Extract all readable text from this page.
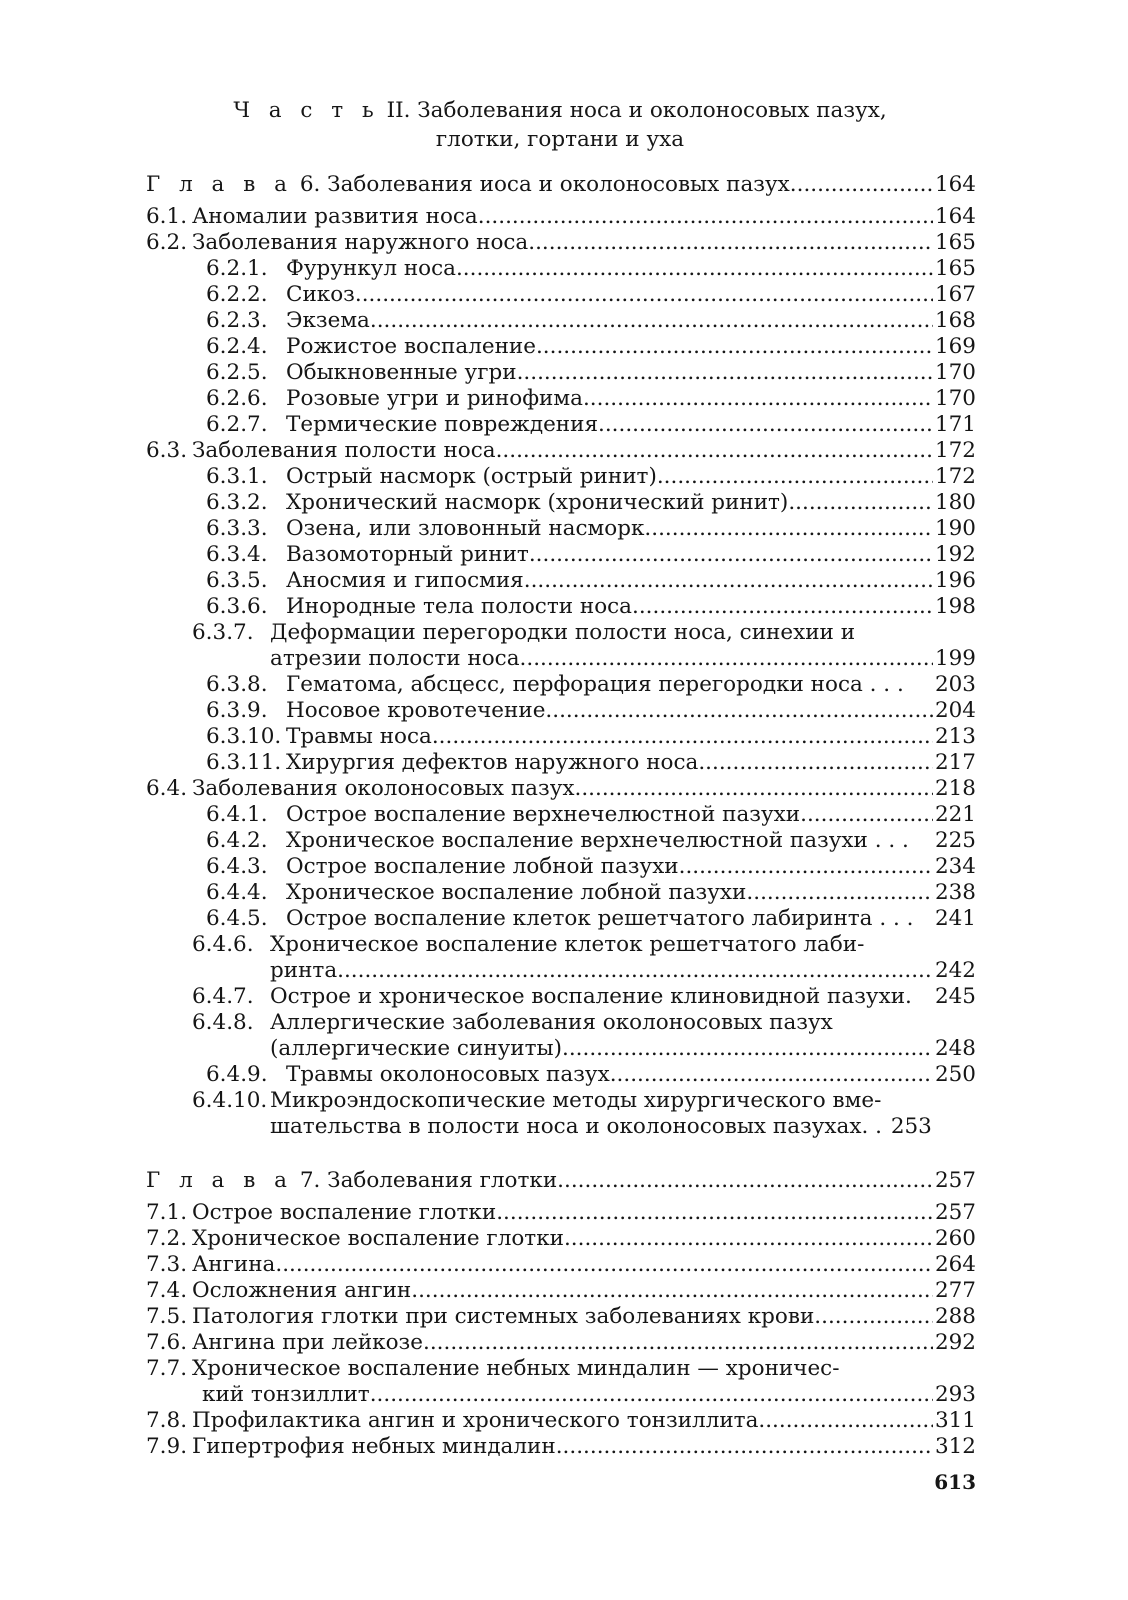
Ч а с т ь II. Заболевания носа и околоносовых пазух,
глотки, гортани и уха
Г л а в а 6. Заболевания иоса и околоносовых пазух .....	164
6.1. Аномалии развития носа .....	164
6.2. Заболевания наружного носа .....	165
6.2.1. Фурункул носа .....	165
6.2.2. Сикоз .....	167
6.2.3. Экзема .....	168
6.2.4. Рожистое воспаление .....	169
6.2.5. Обыкновенные угри .....	170
6.2.6. Розовые угри и ринофима .....	170
6.2.7. Термические повреждения .....	171
6.3. Заболевания полости носа .....	172
6.3.1. Острый насморк (острый ринит) .....	172
6.3.2. Хронический насморк (хронический ринит) .....	180
6.3.3. Озена, или зловонный насморк .....	190
6.3.4. Вазомоторный ринит .....	192
6.3.5. Аносмия и гипосмия .....	196
6.3.6. Инородные тела полости носа .....	198
6.3.7. Деформации перегородки полости носа, синехии и
атрезии полости носа .....	199
6.3.8. Гематома, абсцесс, перфорация перегородки носа . . . 203
6.3.9. Носовое кровотечение .....	204
6.3.10. Травмы носа .....	213
6.3.11. Хирургия дефектов наружного носа .....	217
6.4. Заболевания околоносовых пазух .....	218
6.4.1. Острое воспаление верхнечелюстной пазухи .....	221
6.4.2. Хроническое воспаление верхнечелюстной пазухи . . . 225
6.4.3. Острое воспаление лобной пазухи .....	234
6.4.4. Хроническое воспаление лобной пазухи .....	238
6.4.5. Острое воспаление клеток решетчатого лабиринта . . . 241
6.4.6. Хроническое воспаление клеток решетчатого лаби-
ринта .....	242
6.4.7. Острое и хроническое воспаление клиновидной пазухи. 245
6.4.8. Аллергические заболевания околоносовых пазух
(аллергические синуиты) .....	248
6.4.9. Травмы околоносовых пазух .....	250
6.4.10. Микроэндоскопические методы хирургического вме-
шательства в полости носа и околоносовых пазухах. .
253
Г л а в а 7. Заболевания глотки .....	257
7.1. Острое воспаление глотки .....	257
7.2. Хроническое воспаление глотки .....	260
7.3. Ангина .....	264
7.4. Осложнения ангин .....	277
7.5. Патология глотки при системных заболеваниях крови .....	288
7.6. Ангина при лейкозе .....	292
7.7. Хроническое воспаление небных миндалин — хроничес-
кий тонзиллит .....	293
7.8. Профилактика ангин и хронического тонзиллита .....	311
7.9. Гипертрофия небных миндалин .....	312
613
